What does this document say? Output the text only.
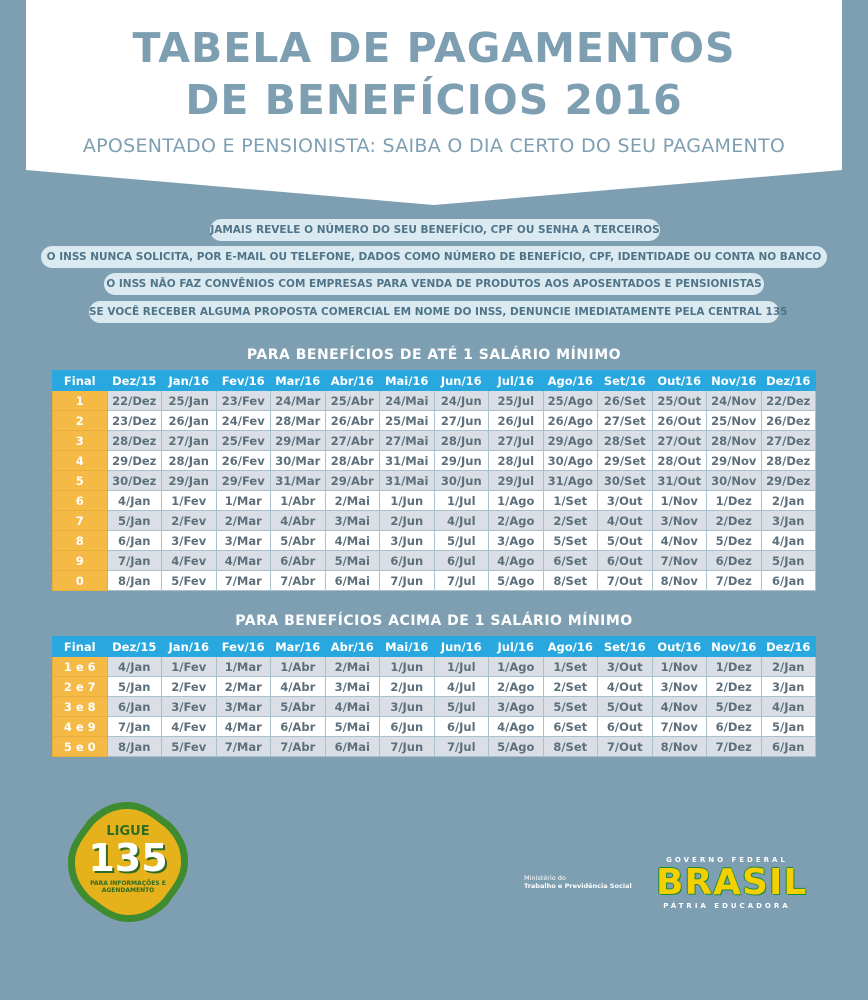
TABELA DE PAGAMENTOS
DE BENEFÍCIOS 2016
APOSENTADO E PENSIONISTA: SAIBA O DIA CERTO DO SEU PAGAMENTO
JAMAIS REVELE O NÚMERO DO SEU BENEFÍCIO, CPF OU SENHA A TERCEIROS
O INSS NUNCA SOLICITA, POR E-MAIL OU TELEFONE, DADOS COMO NÚMERO DE BENEFÍCIO, CPF, IDENTIDADE OU CONTA NO BANCO
O INSS NÃO FAZ CONVÊNIOS COM EMPRESAS PARA VENDA DE PRODUTOS AOS APOSENTADOS E PENSIONISTAS
SE VOCÊ RECEBER ALGUMA PROPOSTA COMERCIAL EM NOME DO INSS, DENUNCIE IMEDIATAMENTE PELA CENTRAL 135
PARA BENEFÍCIOS DE ATÉ 1 SALÁRIO MÍNIMO
Final	Dez/15	Jan/16	Fev/16	Mar/16	Abr/16	Mai/16	Jun/16	Jul/16	Ago/16	Set/16	Out/16	Nov/16	Dez/16
1	22/Dez	25/Jan	23/Fev	24/Mar	25/Abr	24/Mai	24/Jun	25/Jul	25/Ago	26/Set	25/Out	24/Nov	22/Dez
2	23/Dez	26/Jan	24/Fev	28/Mar	26/Abr	25/Mai	27/Jun	26/Jul	26/Ago	27/Set	26/Out	25/Nov	26/Dez
3	28/Dez	27/Jan	25/Fev	29/Mar	27/Abr	27/Mai	28/Jun	27/Jul	29/Ago	28/Set	27/Out	28/Nov	27/Dez
4	29/Dez	28/Jan	26/Fev	30/Mar	28/Abr	31/Mai	29/Jun	28/Jul	30/Ago	29/Set	28/Out	29/Nov	28/Dez
5	30/Dez	29/Jan	29/Fev	31/Mar	29/Abr	31/Mai	30/Jun	29/Jul	31/Ago	30/Set	31/Out	30/Nov	29/Dez
6	4/Jan	1/Fev	1/Mar	1/Abr	2/Mai	1/Jun	1/Jul	1/Ago	1/Set	3/Out	1/Nov	1/Dez	2/Jan
7	5/Jan	2/Fev	2/Mar	4/Abr	3/Mai	2/Jun	4/Jul	2/Ago	2/Set	4/Out	3/Nov	2/Dez	3/Jan
8	6/Jan	3/Fev	3/Mar	5/Abr	4/Mai	3/Jun	5/Jul	3/Ago	5/Set	5/Out	4/Nov	5/Dez	4/Jan
9	7/Jan	4/Fev	4/Mar	6/Abr	5/Mai	6/Jun	6/Jul	4/Ago	6/Set	6/Out	7/Nov	6/Dez	5/Jan
0	8/Jan	5/Fev	7/Mar	7/Abr	6/Mai	7/Jun	7/Jul	5/Ago	8/Set	7/Out	8/Nov	7/Dez	6/Jan
PARA BENEFÍCIOS ACIMA DE 1 SALÁRIO MÍNIMO
Final	Dez/15	Jan/16	Fev/16	Mar/16	Abr/16	Mai/16	Jun/16	Jul/16	Ago/16	Set/16	Out/16	Nov/16	Dez/16
1 e 6	4/Jan	1/Fev	1/Mar	1/Abr	2/Mai	1/Jun	1/Jul	1/Ago	1/Set	3/Out	1/Nov	1/Dez	2/Jan
2 e 7	5/Jan	2/Fev	2/Mar	4/Abr	3/Mai	2/Jun	4/Jul	2/Ago	2/Set	4/Out	3/Nov	2/Dez	3/Jan
3 e 8	6/Jan	3/Fev	3/Mar	5/Abr	4/Mai	3/Jun	5/Jul	3/Ago	5/Set	5/Out	4/Nov	5/Dez	4/Jan
4 e 9	7/Jan	4/Fev	4/Mar	6/Abr	5/Mai	6/Jun	6/Jul	4/Ago	6/Set	6/Out	7/Nov	6/Dez	5/Jan
5 e 0	8/Jan	5/Fev	7/Mar	7/Abr	6/Mai	7/Jun	7/Jul	5/Ago	8/Set	7/Out	8/Nov	7/Dez	6/Jan
LIGUE
135
PARA INFORMAÇÕES E AGENDAMENTO
Ministério do
Trabalho e Previdência Social
GOVERNO FEDERAL
BRASIL
PÁTRIA EDUCADORA
